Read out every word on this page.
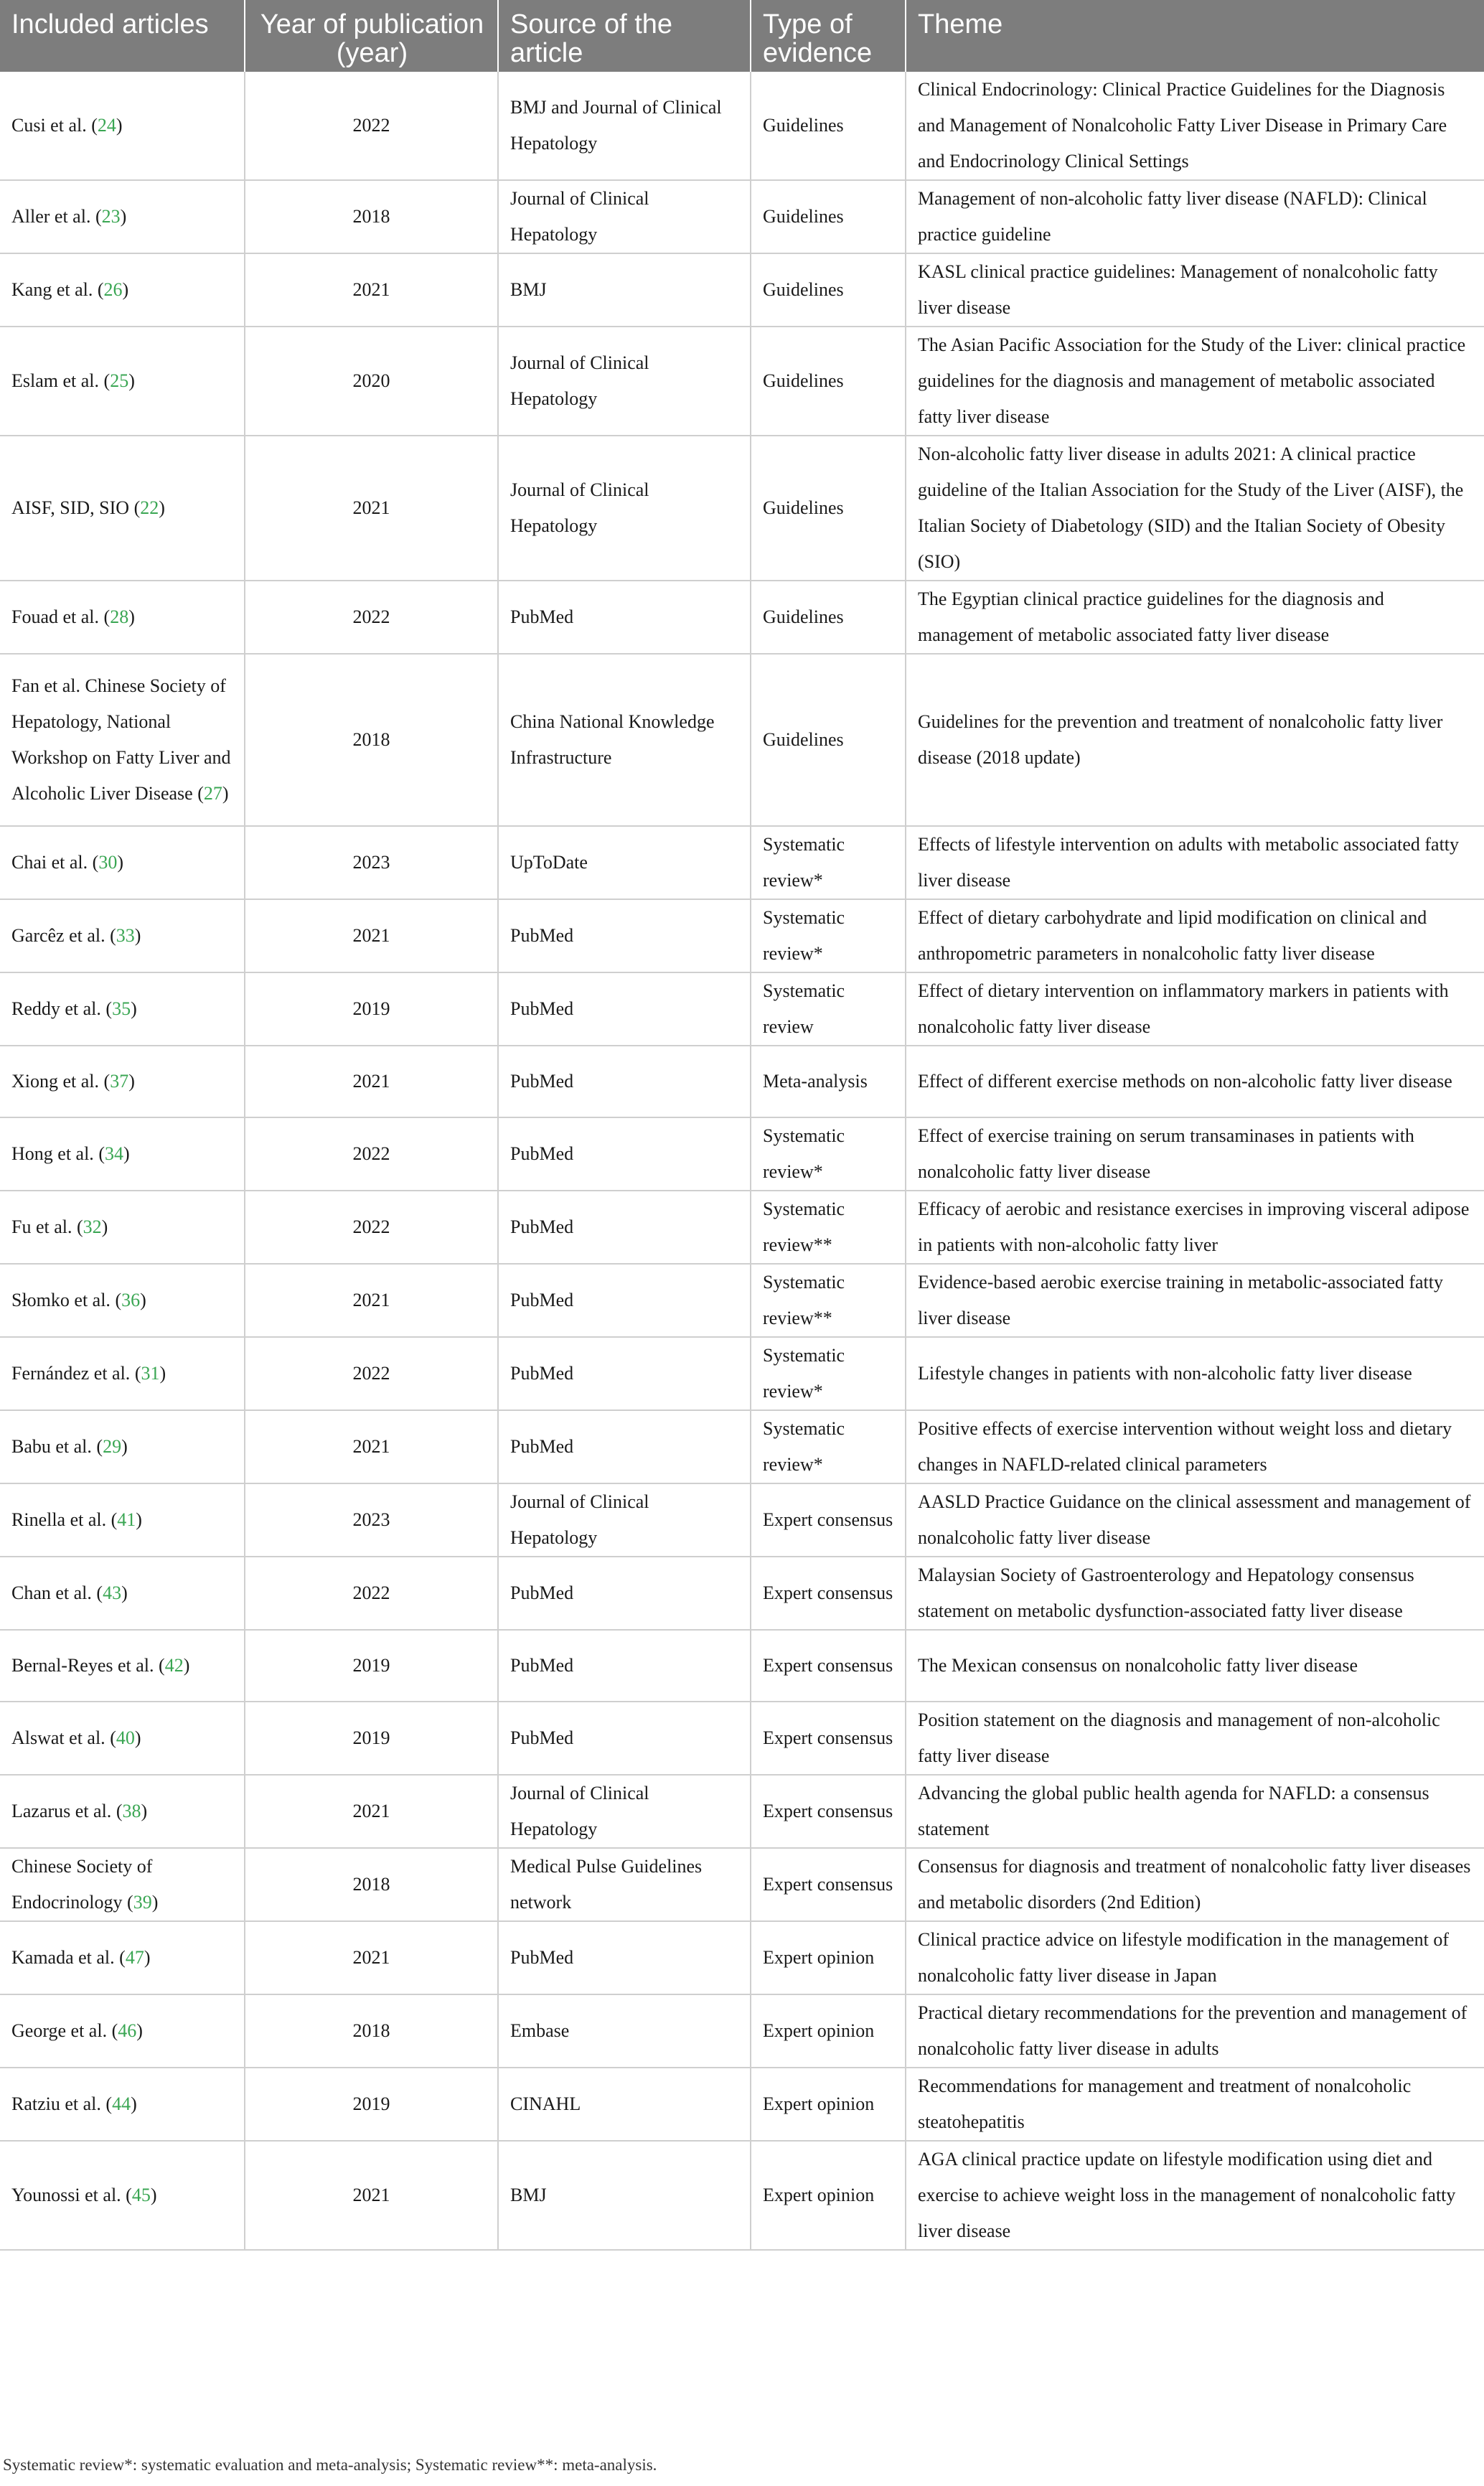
Included articles	Year of publication (year)	Source of the article	Type of evidence	Theme
Cusi et al. (24)	2022	BMJ and Journal of Clinical Hepatology	Guidelines	Clinical Endocrinology: Clinical Practice Guidelines for the Diagnosis and Management of Nonalcoholic Fatty Liver Disease in Primary Care and Endocrinology Clinical Settings
Aller et al. (23)	2018	Journal of Clinical Hepatology	Guidelines	Management of non-alcoholic fatty liver disease (NAFLD): Clinical practice guideline
Kang et al. (26)	2021	BMJ	Guidelines	KASL clinical practice guidelines: Management of nonalcoholic fatty liver disease
Eslam et al. (25)	2020	Journal of Clinical Hepatology	Guidelines	The Asian Pacific Association for the Study of the Liver: clinical practice guidelines for the diagnosis and management of metabolic associated fatty liver disease
AISF, SID, SIO (22)	2021	Journal of Clinical Hepatology	Guidelines	Non-alcoholic fatty liver disease in adults 2021: A clinical practice guideline of the Italian Association for the Study of the Liver (AISF), the Italian Society of Diabetology (SID) and the Italian Society of Obesity (SIO)
Fouad et al. (28)	2022	PubMed	Guidelines	The Egyptian clinical practice guidelines for the diagnosis and management of metabolic associated fatty liver disease
Fan et al. Chinese Society of Hepatology, National Workshop on Fatty Liver and Alcoholic Liver Disease (27)	2018	China National Knowledge Infrastructure	Guidelines	Guidelines for the prevention and treatment of nonalcoholic fatty liver disease (2018 update)
Chai et al. (30)	2023	UpToDate	Systematic review*	Effects of lifestyle intervention on adults with metabolic associated fatty liver disease
Garcêz et al. (33)	2021	PubMed	Systematic review*	Effect of dietary carbohydrate and lipid modification on clinical and anthropometric parameters in nonalcoholic fatty liver disease
Reddy et al. (35)	2019	PubMed	Systematic review	Effect of dietary intervention on inflammatory markers in patients with nonalcoholic fatty liver disease
Xiong et al. (37)	2021	PubMed	Meta-analysis	Effect of different exercise methods on non-alcoholic fatty liver disease
Hong et al. (34)	2022	PubMed	Systematic review*	Effect of exercise training on serum transaminases in patients with nonalcoholic fatty liver disease
Fu et al. (32)	2022	PubMed	Systematic review**	Efficacy of aerobic and resistance exercises in improving visceral adipose in patients with non-alcoholic fatty liver
Słomko et al. (36)	2021	PubMed	Systematic review**	Evidence-based aerobic exercise training in metabolic-associated fatty liver disease
Fernández et al. (31)	2022	PubMed	Systematic review*	Lifestyle changes in patients with non-alcoholic fatty liver disease
Babu et al. (29)	2021	PubMed	Systematic review*	Positive effects of exercise intervention without weight loss and dietary changes in NAFLD-related clinical parameters
Rinella et al. (41)	2023	Journal of Clinical Hepatology	Expert consensus	AASLD Practice Guidance on the clinical assessment and management of nonalcoholic fatty liver disease
Chan et al. (43)	2022	PubMed	Expert consensus	Malaysian Society of Gastroenterology and Hepatology consensus statement on metabolic dysfunction-associated fatty liver disease
Bernal-Reyes et al. (42)	2019	PubMed	Expert consensus	The Mexican consensus on nonalcoholic fatty liver disease
Alswat et al. (40)	2019	PubMed	Expert consensus	Position statement on the diagnosis and management of non-alcoholic fatty liver disease
Lazarus et al. (38)	2021	Journal of Clinical Hepatology	Expert consensus	Advancing the global public health agenda for NAFLD: a consensus statement
Chinese Society of Endocrinology (39)	2018	Medical Pulse Guidelines network	Expert consensus	Consensus for diagnosis and treatment of nonalcoholic fatty liver diseases and metabolic disorders (2nd Edition)
Kamada et al. (47)	2021	PubMed	Expert opinion	Clinical practice advice on lifestyle modification in the management of nonalcoholic fatty liver disease in Japan
George et al. (46)	2018	Embase	Expert opinion	Practical dietary recommendations for the prevention and management of nonalcoholic fatty liver disease in adults
Ratziu et al. (44)	2019	CINAHL	Expert opinion	Recommendations for management and treatment of nonalcoholic steatohepatitis
Younossi et al. (45)	2021	BMJ	Expert opinion	AGA clinical practice update on lifestyle modification using diet and exercise to achieve weight loss in the management of nonalcoholic fatty liver disease
Systematic review*: systematic evaluation and meta-analysis; Systematic review**: meta-analysis.
